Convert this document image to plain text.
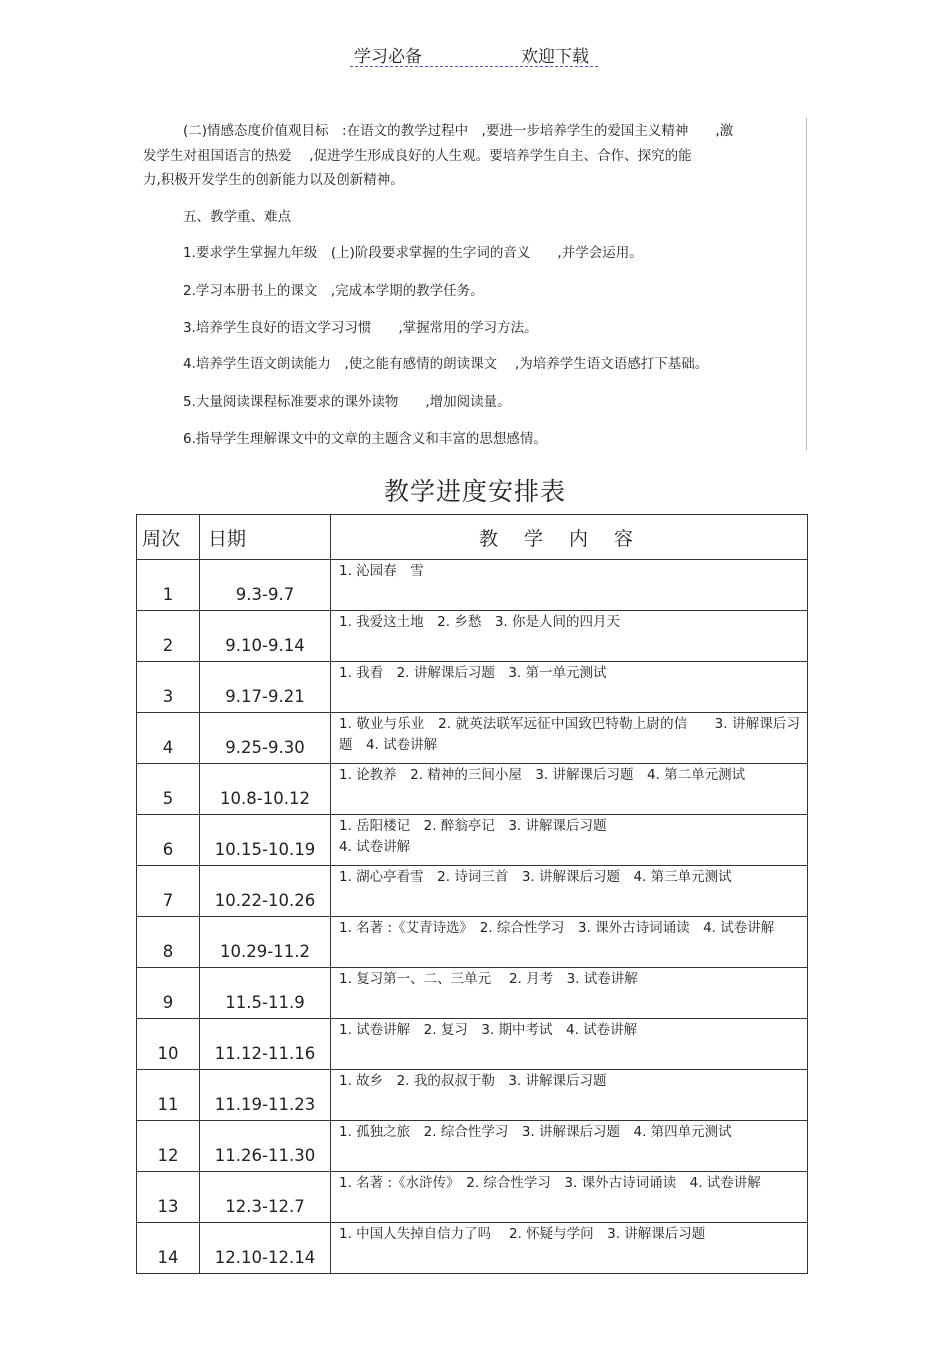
学习必备	欢迎下载
(二)情感态度价值观目标　:在语文的教学过程中　,要进一步培养学生的爱国主义精神　　,激
发学生对祖国语言的热爱　 ,促进学生形成良好的人生观。要培养学生自主、合作、探究的能
力,积极开发学生的创新能力以及创新精神。
五、教学重、难点
1.要求学生掌握九年级　(上)阶段要求掌握的生字词的音义　　,并学会运用。
2.学习本册书上的课文　,完成本学期的教学任务。
3.培养学生良好的语文学习习惯　　,掌握常用的学习方法。
4.培养学生语文朗读能力　,使之能有感情的朗读课文　 ,为培养学生语文语感打下基础。
5.大量阅读课程标准要求的课外读物　　,增加阅读量。
6.指导学生理解课文中的文章的主题含义和丰富的思想感情。
教学进度安排表
周次	日期	教学内容
1	9.3-9.7	1. 沁园春　雪
2	9.10-9.14	1. 我爱这土地　2. 乡愁　3. 你是人间的四月天
3	9.17-9.21	1. 我看　2. 讲解课后习题　3. 第一单元测试
4	9.25-9.30	1. 敬业与乐业　2. 就英法联军远征中国致巴特勒上尉的信　　3. 讲解课后习题　4. 试卷讲解
5	10.8-10.12	1. 论教养　2. 精神的三间小屋　3. 讲解课后习题　4. 第二单元测试
6	10.15-10.19	1. 岳阳楼记　2. 醉翁亭记　3. 讲解课后习题
4. 试卷讲解
7	10.22-10.26	1. 湖心亭看雪　2. 诗词三首　3. 讲解课后习题　4. 第三单元测试
8	10.29-11.2	1. 名著 :《艾青诗选》　2. 综合性学习　3. 课外古诗词诵读　4. 试卷讲解
9	11.5-11.9	1. 复习第一、二、三单元　 2. 月考　3. 试卷讲解
10	11.12-11.16	1. 试卷讲解　2. 复习　3. 期中考试　4. 试卷讲解
11	11.19-11.23	1. 故乡　2. 我的叔叔于勒　3. 讲解课后习题
12	11.26-11.30	1. 孤独之旅　2. 综合性学习　3. 讲解课后习题　4. 第四单元测试
13	12.3-12.7	1. 名著 :《水浒传》　2. 综合性学习　3. 课外古诗词诵读　4. 试卷讲解
14	12.10-12.14	1. 中国人失掉自信力了吗　 2. 怀疑与学问　3. 讲解课后习题
